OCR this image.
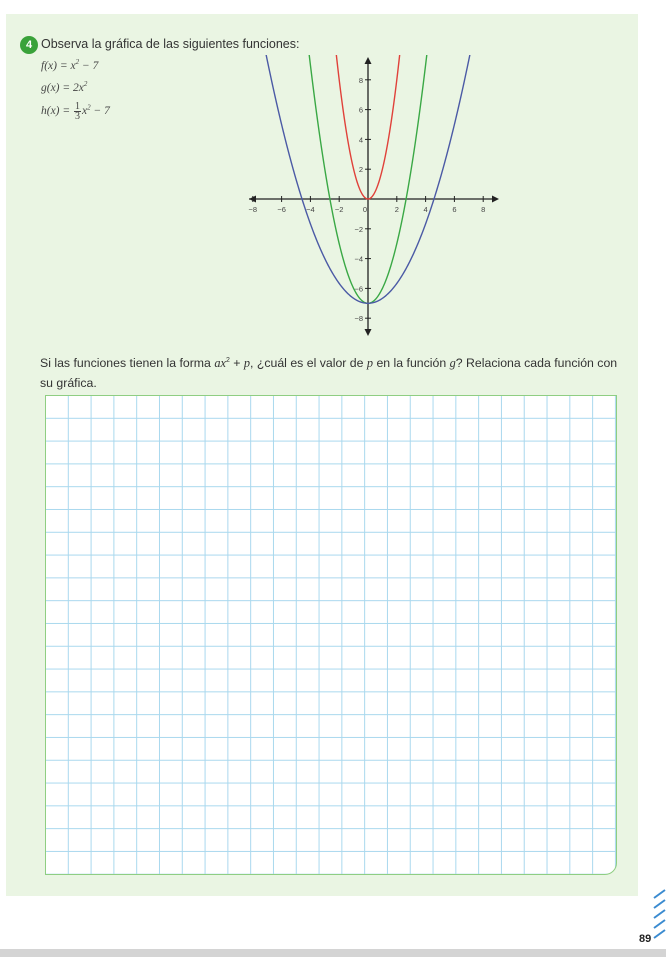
4 Observa la gráfica de las siguientes funciones:
$f(x) = x^2 - 7$
$g(x) = 2x^2$
$h(x) = \frac{1}{3} x^2 - 7$
−8	−6	−4	−2	0	2	4	6	8
8
6
4
2
−2
−4
−6
−8
Si las funciones tienen la forma $ax^2 + p$, ¿cuál es el valor de p en la función g? Relaciona cada función con su gráfica.
89
